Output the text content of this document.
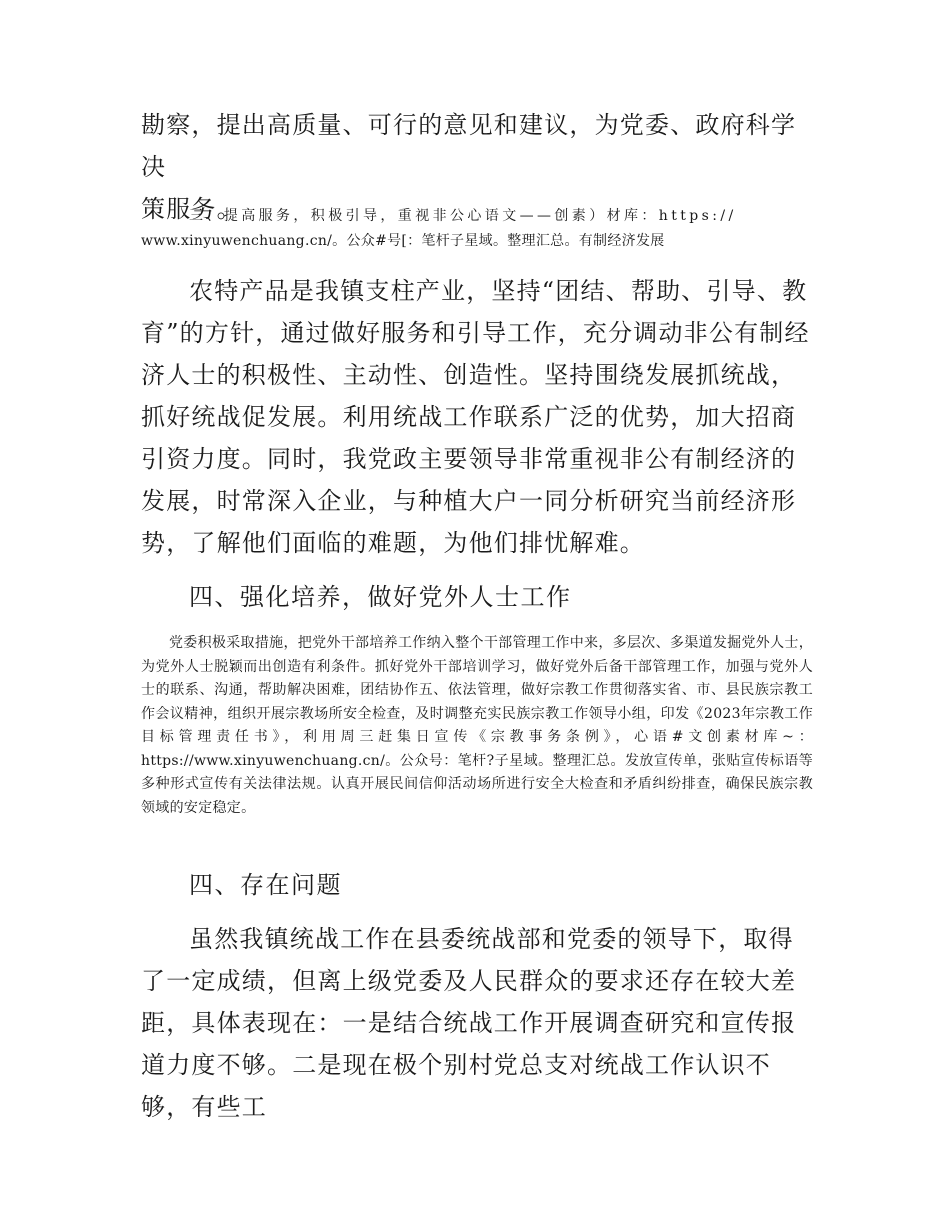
勘察，提出高质量、可行的意见和建议，为党委、政府科学决

策服务。

三、提高服务，积极引导，重视非公心语文——创素）材库：https://

www.xinyuwenchuang.cn/。公众#号[：笔杆子星域。整理汇总。有制经济发展

农特产品是我镇支柱产业，坚持“团结、帮助、引导、教育”的方针，通过做好服务和引导工作，充分调动非公有制经济人士的积极性、主动性、创造性。坚持围绕发展抓统战，抓好统战促发展。利用统战工作联系广泛的优势，加大招商引资力度。同时，我党政主要领导非常重视非公有制经济的发展，时常深入企业，与种植大户一同分析研究当前经济形势，了解他们面临的难题，为他们排忧解难。

四、强化培养，做好党外人士工作

党委积极采取措施，把党外干部培养工作纳入整个干部管理工作中来，多层次、多渠道发掘党外人士，为党外人士脱颖而出创造有利条件。抓好党外干部培训学习，做好党外后备干部管理工作，加强与党外人士的联系、沟通，帮助解决困难，团结协作五、依法管理，做好宗教工作贯彻落实省、市、县民族宗教工作会议精神，组织开展宗教场所安全检查，及时调整充实民族宗教工作领导小组，印发《2023年宗教工作目标管理责任书》，利用周三赶集日宣传《宗教事务条例》，心语#文创素材库~：https://www.xinyuwenchuang.cn/。公众号：笔杆?子星域。整理汇总。发放宣传单，张贴宣传标语等多种形式宣传有关法律法规。认真开展民间信仰活动场所进行安全大检查和矛盾纠纷排查，确保民族宗教领域的安定稳定。

四、存在问题

虽然我镇统战工作在县委统战部和党委的领导下，取得了一定成绩，但离上级党委及人民群众的要求还存在较大差距，具体表现在：一是结合统战工作开展调查研究和宣传报道力度不够。二是现在极个别村党总支对统战工作认识不够，有些工
